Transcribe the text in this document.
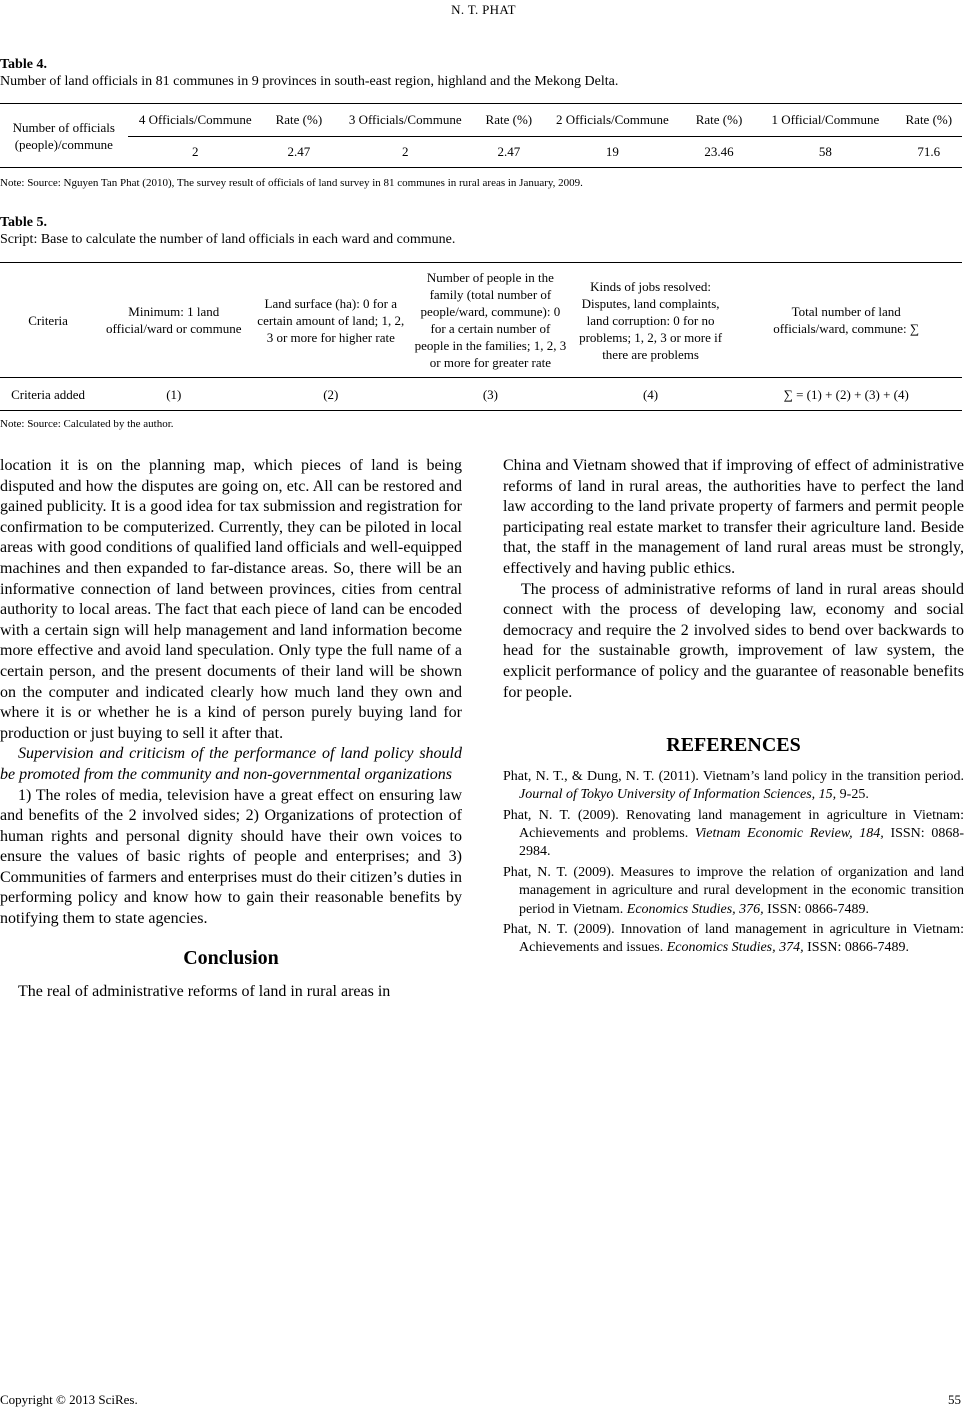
N. T. PHAT
Table 4.
Number of land officials in 81 communes in 9 provinces in south-east region, highland and the Mekong Delta.
Number of officials (people)/commune	4 Officials/Commune	Rate (%)	3 Officials/Commune	Rate (%)	2 Officials/Commune	Rate (%)	1 Official/Commune	Rate (%)
	2	2.47	2	2.47	19	23.46	58	71.6
Note: Source: Nguyen Tan Phat (2010), The survey result of officials of land survey in 81 communes in rural areas in January, 2009.
Table 5.
Script: Base to calculate the number of land officials in each ward and commune.
Criteria	Minimum: 1 land official/ward or commune	Land surface (ha): 0 for a certain amount of land; 1, 2, 3 or more for higher rate	Number of people in the family (total number of people/ward, commune): 0 for a certain number of people in the families; 1, 2, 3 or more for greater rate	Kinds of jobs resolved: Disputes, land complaints, land corruption: 0 for no problems; 1, 2, 3 or more if there are problems	Total number of land officials/ward, commune: ∑
Criteria added	(1)	(2)	(3)	(4)	∑ = (1) + (2) + (3) + (4)
Note: Source: Calculated by the author.

location it is on the planning map, which pieces of land is being disputed and how the disputes are going on, etc. All can be restored and gained publicity. It is a good idea for tax submission and registration for confirmation to be computerized. Currently, they can be piloted in local areas with good conditions of qualified land officials and well-equipped machines and then expanded to far-distance areas. So, there will be an informative connection of land between provinces, cities from central authority to local areas. The fact that each piece of land can be encoded with a certain sign will help management and land information become more effective and avoid land speculation. Only type the full name of a certain person, and the present documents of their land will be shown on the computer and indicated clearly how much land they own and where it is or whether he is a kind of person purely buying land for production or just buying to sell it after that.

Supervision and criticism of the performance of land policy should be promoted from the community and non-governmental organizations

1) The roles of media, television have a great effect on ensuring law and benefits of the 2 involved sides; 2) Organizations of protection of human rights and personal dignity should have their own voices to ensure the values of basic rights of people and enterprises; and 3) Communities of farmers and enterprises must do their citizen’s duties in performing policy and know how to gain their reasonable benefits by notifying them to state agencies.

Conclusion

The real of administrative reforms of land in rural areas in

China and Vietnam showed that if improving of effect of administrative reforms of land in rural areas, the authorities have to perfect the land law according to the land private property of farmers and permit people participating real estate market to transfer their agriculture land. Beside that, the staff in the management of land rural areas must be strongly, effectively and having public ethics.

The process of administrative reforms of land in rural areas should connect with the process of developing law, economy and social democracy and require the 2 involved sides to bend over backwards to head for the sustainable growth, improvement of law system, the explicit performance of policy and the guarantee of reasonable benefits for people.

REFERENCES

Phat, N. T., & Dung, N. T. (2011). Vietnam’s land policy in the transition period. Journal of Tokyo University of Information Sciences, 15, 9-25.

Phat, N. T. (2009). Renovating land management in agriculture in Vietnam: Achievements and problems. Vietnam Economic Review, 184, ISSN: 0868-2984.

Phat, N. T. (2009). Measures to improve the relation of organization and land management in agriculture and rural development in the economic transition period in Vietnam. Economics Studies, 376, ISSN: 0866-7489.

Phat, N. T. (2009). Innovation of land management in agriculture in Vietnam: Achievements and issues. Economics Studies, 374, ISSN: 0866-7489.

Copyright © 2013 SciRes.	55
